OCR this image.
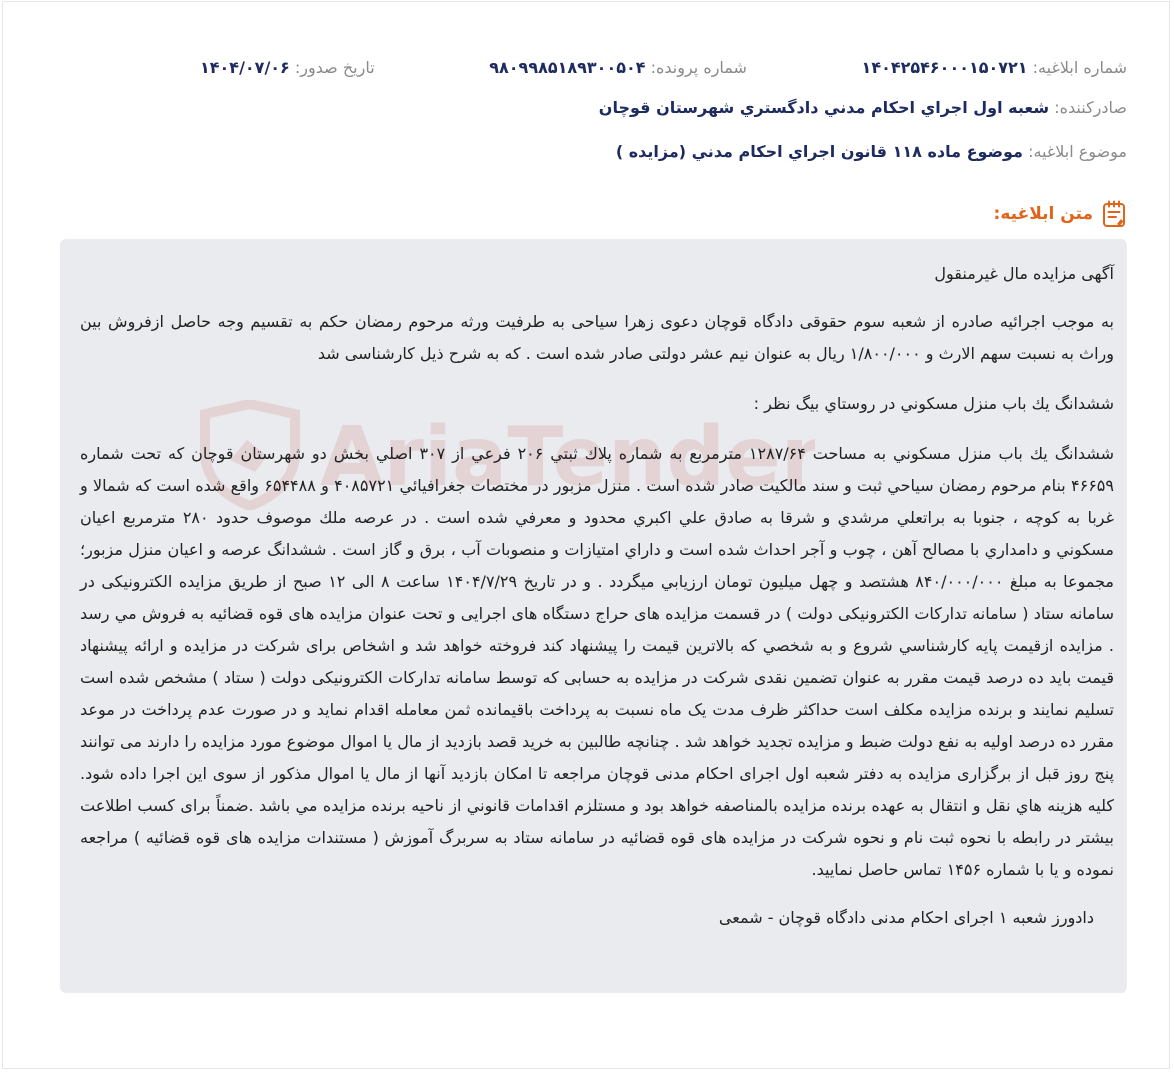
شماره ابلاغیه: ۱۴۰۴۲۵۴۶۰۰۰۱۵۰۷۲۱
شماره پرونده: ۹۸۰۹۹۸۵۱۸۹۳۰۰۵۰۴
تاریخ صدور: ۱۴۰۴/۰۷/۰۶
صادرکننده: شعبه اول اجراي احكام مدني دادگستري شهرستان قوچان
موضوع ابلاغیه: موضوع ماده ۱۱۸ قانون اجراي احكام مدني (مزايده )
متن ابلاغیه:

آگهی مزایده مال غیرمنقول

به موجب اجرائیه صادره از شعبه سوم حقوقی دادگاه قوچان دعوی زهرا سیاحی به طرفیت ورثه مرحوم رمضان حکم به تقسیم وجه حاصل ازفروش بین وراث به نسبت سهم الارث و ۱/۸۰۰/۰۰۰ ریال به عنوان نیم عشر دولتی صادر شده است . که به شرح ذیل کارشناسی شد

ششدانگ يك باب منزل مسكوني در روستاي بيگ نظر :

ششدانگ يك باب منزل مسكوني به مساحت ۱۲۸۷/۶۴ مترمربع به شماره پلاك ثبتي ۲۰۶ فرعي از ۳۰۷ اصلي بخش دو شهرستان قوچان كه تحت شماره ۴۶۶۵۹ بنام مرحوم رمضان سياحي ثبت و سند مالكيت صادر شده است . منزل مزبور در مختصات جغرافيائي ۴۰۸۵۷۲۱ و ۶۵۴۴۸۸ واقع شده است كه شمالا و غربا به كوچه ، جنوبا به براتعلي مرشدي و شرقا به صادق علي اكبري محدود و معرفي شده است . در عرصه ملك موصوف حدود ۲۸۰ مترمربع اعيان مسكوني و دامداري با مصالح آهن ، چوب و آجر احداث شده است و داراي امتيازات و منصوبات آب ، برق و گاز است . ششدانگ عرصه و اعيان منزل مزبور؛ مجموعا به مبلغ ۸۴۰/۰۰۰/۰۰۰ هشتصد و چهل ميليون تومان ارزيابي ميگردد . و در تاریخ ۱۴۰۴/۷/۲۹ ساعت ۸ الی ۱۲ صبح از طریق مزایده الکترونیکی در سامانه ستاد ( سامانه تدارکات الکترونیکی دولت ) در قسمت مزایده های حراج دستگاه های اجرایی و تحت عنوان مزایده های قوه قضائیه به فروش مي رسد . مزايده ازقيمت پايه كارشناسي شروع و به شخصي كه بالاترين قيمت را پيشنهاد كند فروخته خواهد شد و اشخاص برای شرکت در مزایده و ارائه پیشنهاد قیمت باید ده درصد قیمت مقرر به عنوان تضمین نقدی شرکت در مزایده به حسابی که توسط سامانه تدارکات الکترونیکی دولت ( ستاد ) مشخص شده است تسلیم نمایند و برنده مزایده مکلف است حداکثر ظرف مدت یک ماه نسبت به پرداخت باقیمانده ثمن معامله اقدام نماید و در صورت عدم پرداخت در موعد مقرر ده درصد اولیه به نفع دولت ضبط و مزایده تجدید خواهد شد . چنانچه طالبین به خرید قصد بازدید از مال یا اموال موضوع مورد مزایده را دارند می توانند پنج روز قبل از برگزاری مزایده به دفتر شعبه اول اجرای احکام مدنی قوچان مراجعه تا امکان بازدید آنها از مال یا اموال مذکور از سوی این اجرا داده شود. کليه هزينه هاي نقل و انتقال به عهده برنده مزايده بالمناصفه خواهد بود و مستلزم اقدامات قانوني از ناحيه برنده مزايده مي باشد .ضمناً برای کسب اطلاعت بیشتر در رابطه با نحوه ثبت نام و نحوه شرکت در مزایده های قوه قضائیه در سامانه ستاد به سربرگ آموزش ( مستندات مزایده های قوه قضائیه ) مراجعه نموده و یا با شماره ۱۴۵۶ تماس حاصل نمایید.

دادورز شعبه ۱ اجرای احکام مدنی دادگاه قوچان - شمعی
